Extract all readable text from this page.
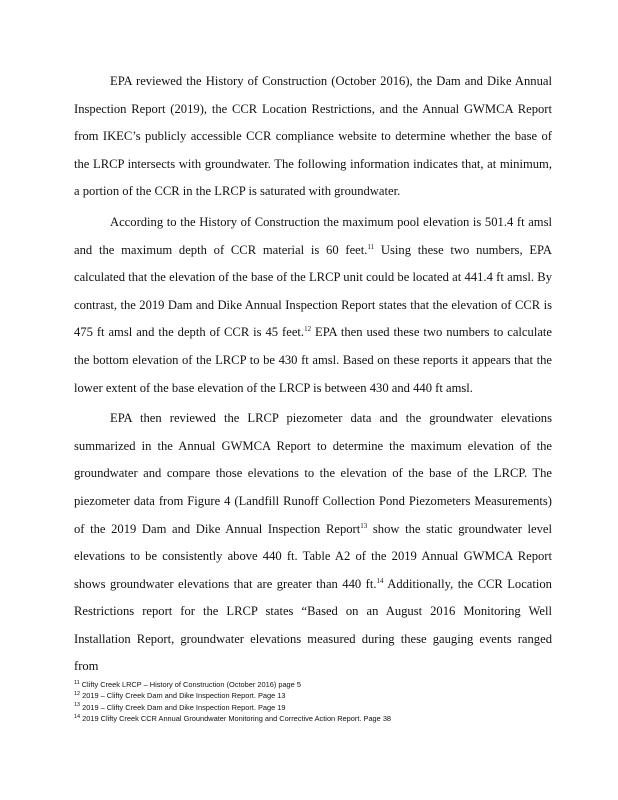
EPA reviewed the History of Construction (October 2016), the Dam and Dike Annual Inspection Report (2019), the CCR Location Restrictions, and the Annual GWMCA Report from IKEC’s publicly accessible CCR compliance website to determine whether the base of the LRCP intersects with groundwater. The following information indicates that, at minimum, a portion of the CCR in the LRCP is saturated with groundwater.

According to the History of Construction the maximum pool elevation is 501.4 ft amsl and the maximum depth of CCR material is 60 feet.$^{11}$ Using these two numbers, EPA calculated that the elevation of the base of the LRCP unit could be located at 441.4 ft amsl. By contrast, the 2019 Dam and Dike Annual Inspection Report states that the elevation of CCR is 475 ft amsl and the depth of CCR is 45 feet.$^{12}$ EPA then used these two numbers to calculate the bottom elevation of the LRCP to be 430 ft amsl. Based on these reports it appears that the lower extent of the base elevation of the LRCP is between 430 and 440 ft amsl.

EPA then reviewed the LRCP piezometer data and the groundwater elevations summarized in the Annual GWMCA Report to determine the maximum elevation of the groundwater and compare those elevations to the elevation of the base of the LRCP. The piezometer data from Figure 4 (Landfill Runoff Collection Pond Piezometers Measurements) of the 2019 Dam and Dike Annual Inspection Report$^{13}$ show the static groundwater level elevations to be consistently above 440 ft. Table A2 of the 2019 Annual GWMCA Report shows groundwater elevations that are greater than 440 ft.$^{14}$ Additionally, the CCR Location Restrictions report for the LRCP states “Based on an August 2016 Monitoring Well Installation Report, groundwater elevations measured during these gauging events ranged from

$^{11}$ Clifty Creek LRCP – History of Construction (October 2016) page 5

$^{12}$ 2019 – Clifty Creek Dam and Dike Inspection Report. Page 13

$^{13}$ 2019 – Clifty Creek Dam and Dike Inspection Report. Page 19

$^{14}$ 2019 Clifty Creek CCR Annual Groundwater Monitoring and Corrective Action Report. Page 38
